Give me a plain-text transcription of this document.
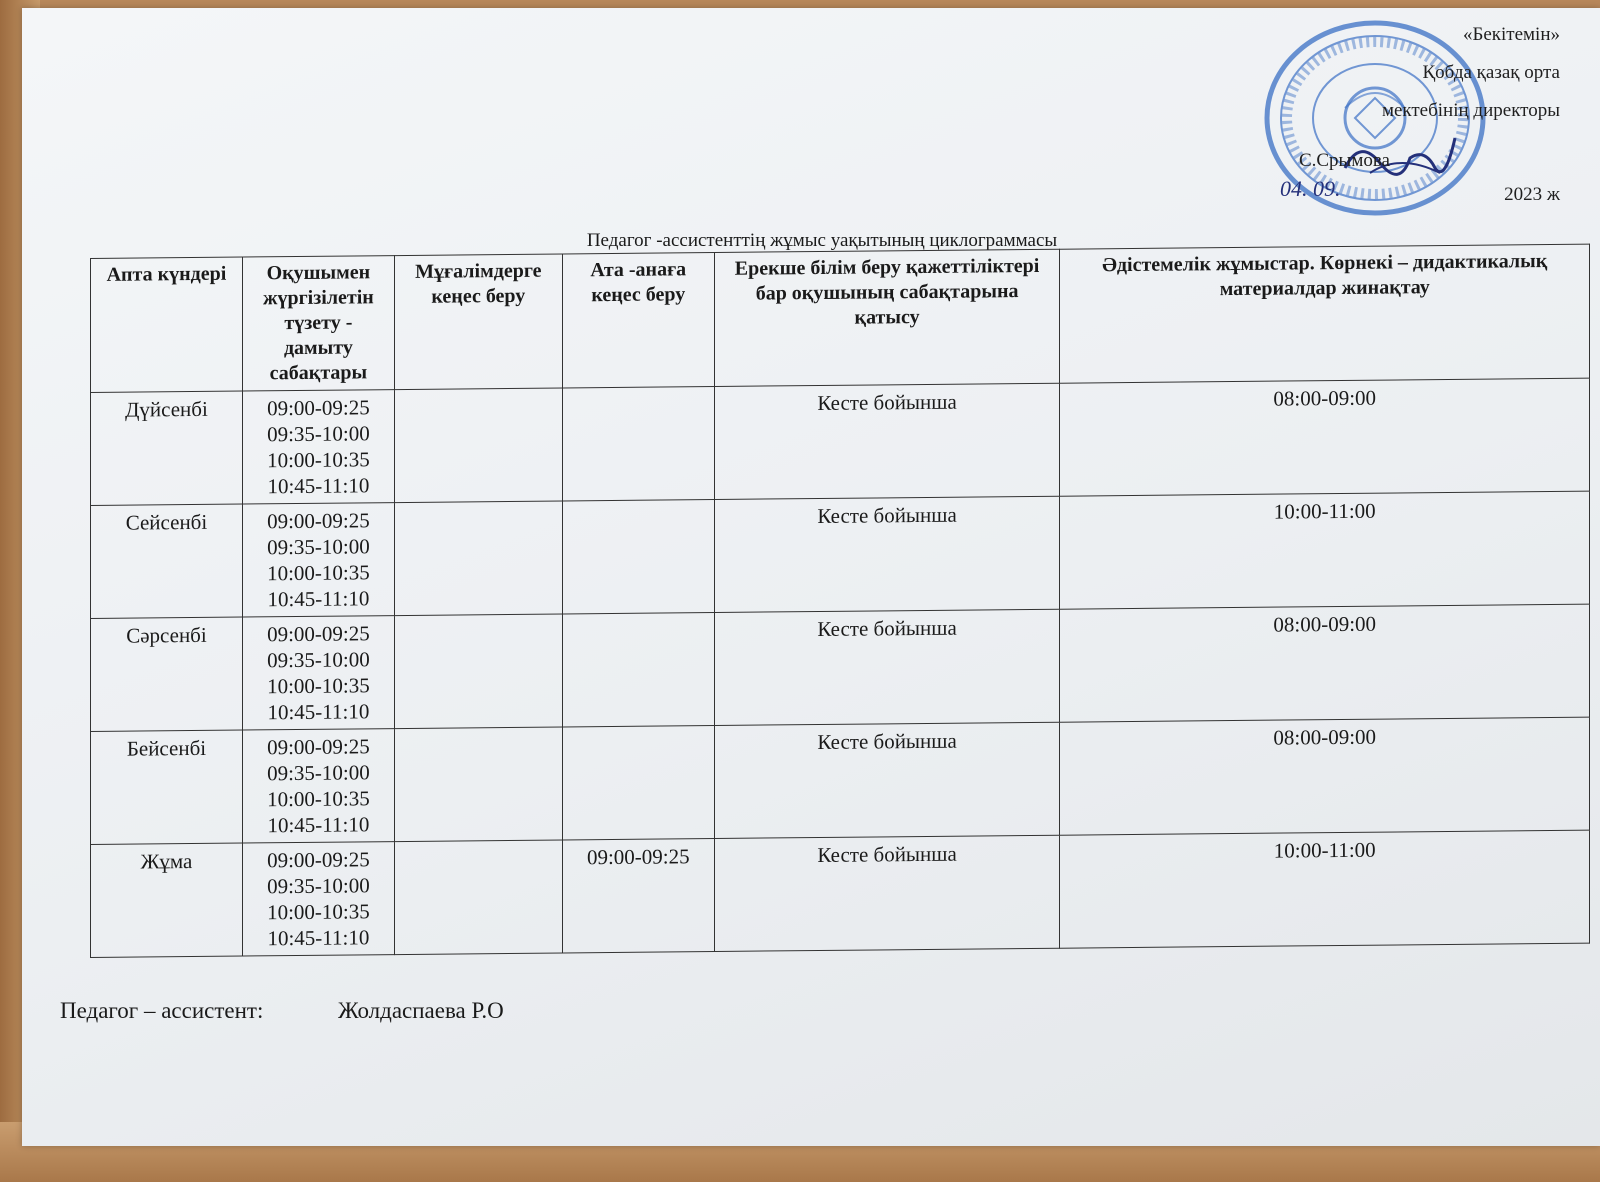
«Бекітемін»
Қобда қазақ орта
мектебінің директоры
С.Срымова
04. 09.	2023 ж
Педагог -ассистенттің жұмыс уақытының циклограммасы
Апта күндері	Оқушымен жүргізілетін түзету - дамыту сабақтары	Мұғалімдерге кеңес беру	Ата -анаға кеңес беру	Ерекше білім беру қажеттіліктері бар оқушының сабақтарына қатысу	Әдістемелік жұмыстар. Көрнекі – дидактикалық материалдар жинақтау
Дүйсенбі	09:00-09:25
09:35-10:00
10:00-10:35
10:45-11:10			Кесте бойынша	08:00-09:00
Сейсенбі	09:00-09:25
09:35-10:00
10:00-10:35
10:45-11:10			Кесте бойынша	10:00-11:00
Сәрсенбі	09:00-09:25
09:35-10:00
10:00-10:35
10:45-11:10			Кесте бойынша	08:00-09:00
Бейсенбі	09:00-09:25
09:35-10:00
10:00-10:35
10:45-11:10			Кесте бойынша	08:00-09:00
Жұма	09:00-09:25
09:35-10:00
10:00-10:35
10:45-11:10		09:00-09:25	Кесте бойынша	10:00-11:00
Педагог – ассистент:	Жолдаспаева Р.О
